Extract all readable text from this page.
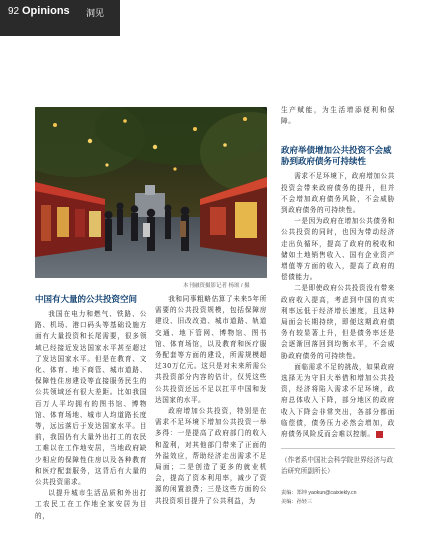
92 Opinions 洞见
本刊融资摄影记者 杨颂 / 摄
中国有大量的公共投资空间

我国在电力和燃气、铁路、公路、机场、港口码头等基础设施方面有大量投资和长尾需要，很多领域已经接近发达国家水平甚至超过了发达国家水平。但是在教育、文化、体育、地下商管、城市道路、保障性住房建设等直接服务民生的公共领域还有很大差距。比如我国百万人平均拥有的图书馆、博物馆、体育场地、城市人均道路长度等，远远落后于发达国家水平。目前，我国仍有大量外出打工的农民工难以在工作地安居，当地政府缺少相应的保障性住房以及各种教育和医疗配套服务，这背后有大量的公共投资需求。

以提升城市生活品质和外出打工农民工在工作地全家安居为目的，

我和同事粗略估算了未来5年所需要的公共投资规模，包括保障房建设、旧改改造、城市道路、轨道交通、地下管网、博物馆、图书馆、体育场馆，以及教育和医疗服务配套等方面的建设，所需规模超过30万亿元。这只是对未来所需公共投资部分内容的估计，仅凭这些公共投资还远不足以扛平中国和发达国家的水平。

政府增加公共投资，特别是在需求不足环境下增加公共投资一举多得：一是提高了政府部门的收入和盈利，对其他部门带来了正面的外溢效应，帮助经济走出需求不足局面；二是创造了更多的就业机会，提高了资本利用率，减少了资源的闲置浪费；三是这些方面的公共投资项目提升了公共利益，为

生产赋能，为生活增添便利和保障。

政府举债增加公共投资不会威胁到政府债务可持续性

需求不足环境下，政府增加公共投资会带来政府债务的提升，但并不会增加政府债务风险，不会威胁到政府债务的可持续性。

一是因为政府在增加公共债务和公共投资的同时，也因为带动经济走出负循环，提高了政府的税收和储如土地销售收入、国有企业资产增值等方面的收入，提高了政府的偿债能力。

二是即使政府公共投资没有带来政府收入提高，考虑到中国的真实利率远低于经济增长速度，且这种局面会长期持续，即便这期政府债务有较显著上升，但是债务率还是会逐渐回落回到均衡水平，不会威胁政府债务的可持续性。

面临需求不足的挑战，如果政府选择无为守旧大举借和增加公共投资，经济将陷入需求不足环境，政府总体收入下降，部分地区的政府收入下降会非常突出，各部分都面临偿债，债务压力必然会增加，政府债务风险反而会难以控制。

（作者系中国社会科学院世界经济与政治研究所副所长）

责编：郑坤 yaokun@caixiekly.cn

美编：孙轻三
